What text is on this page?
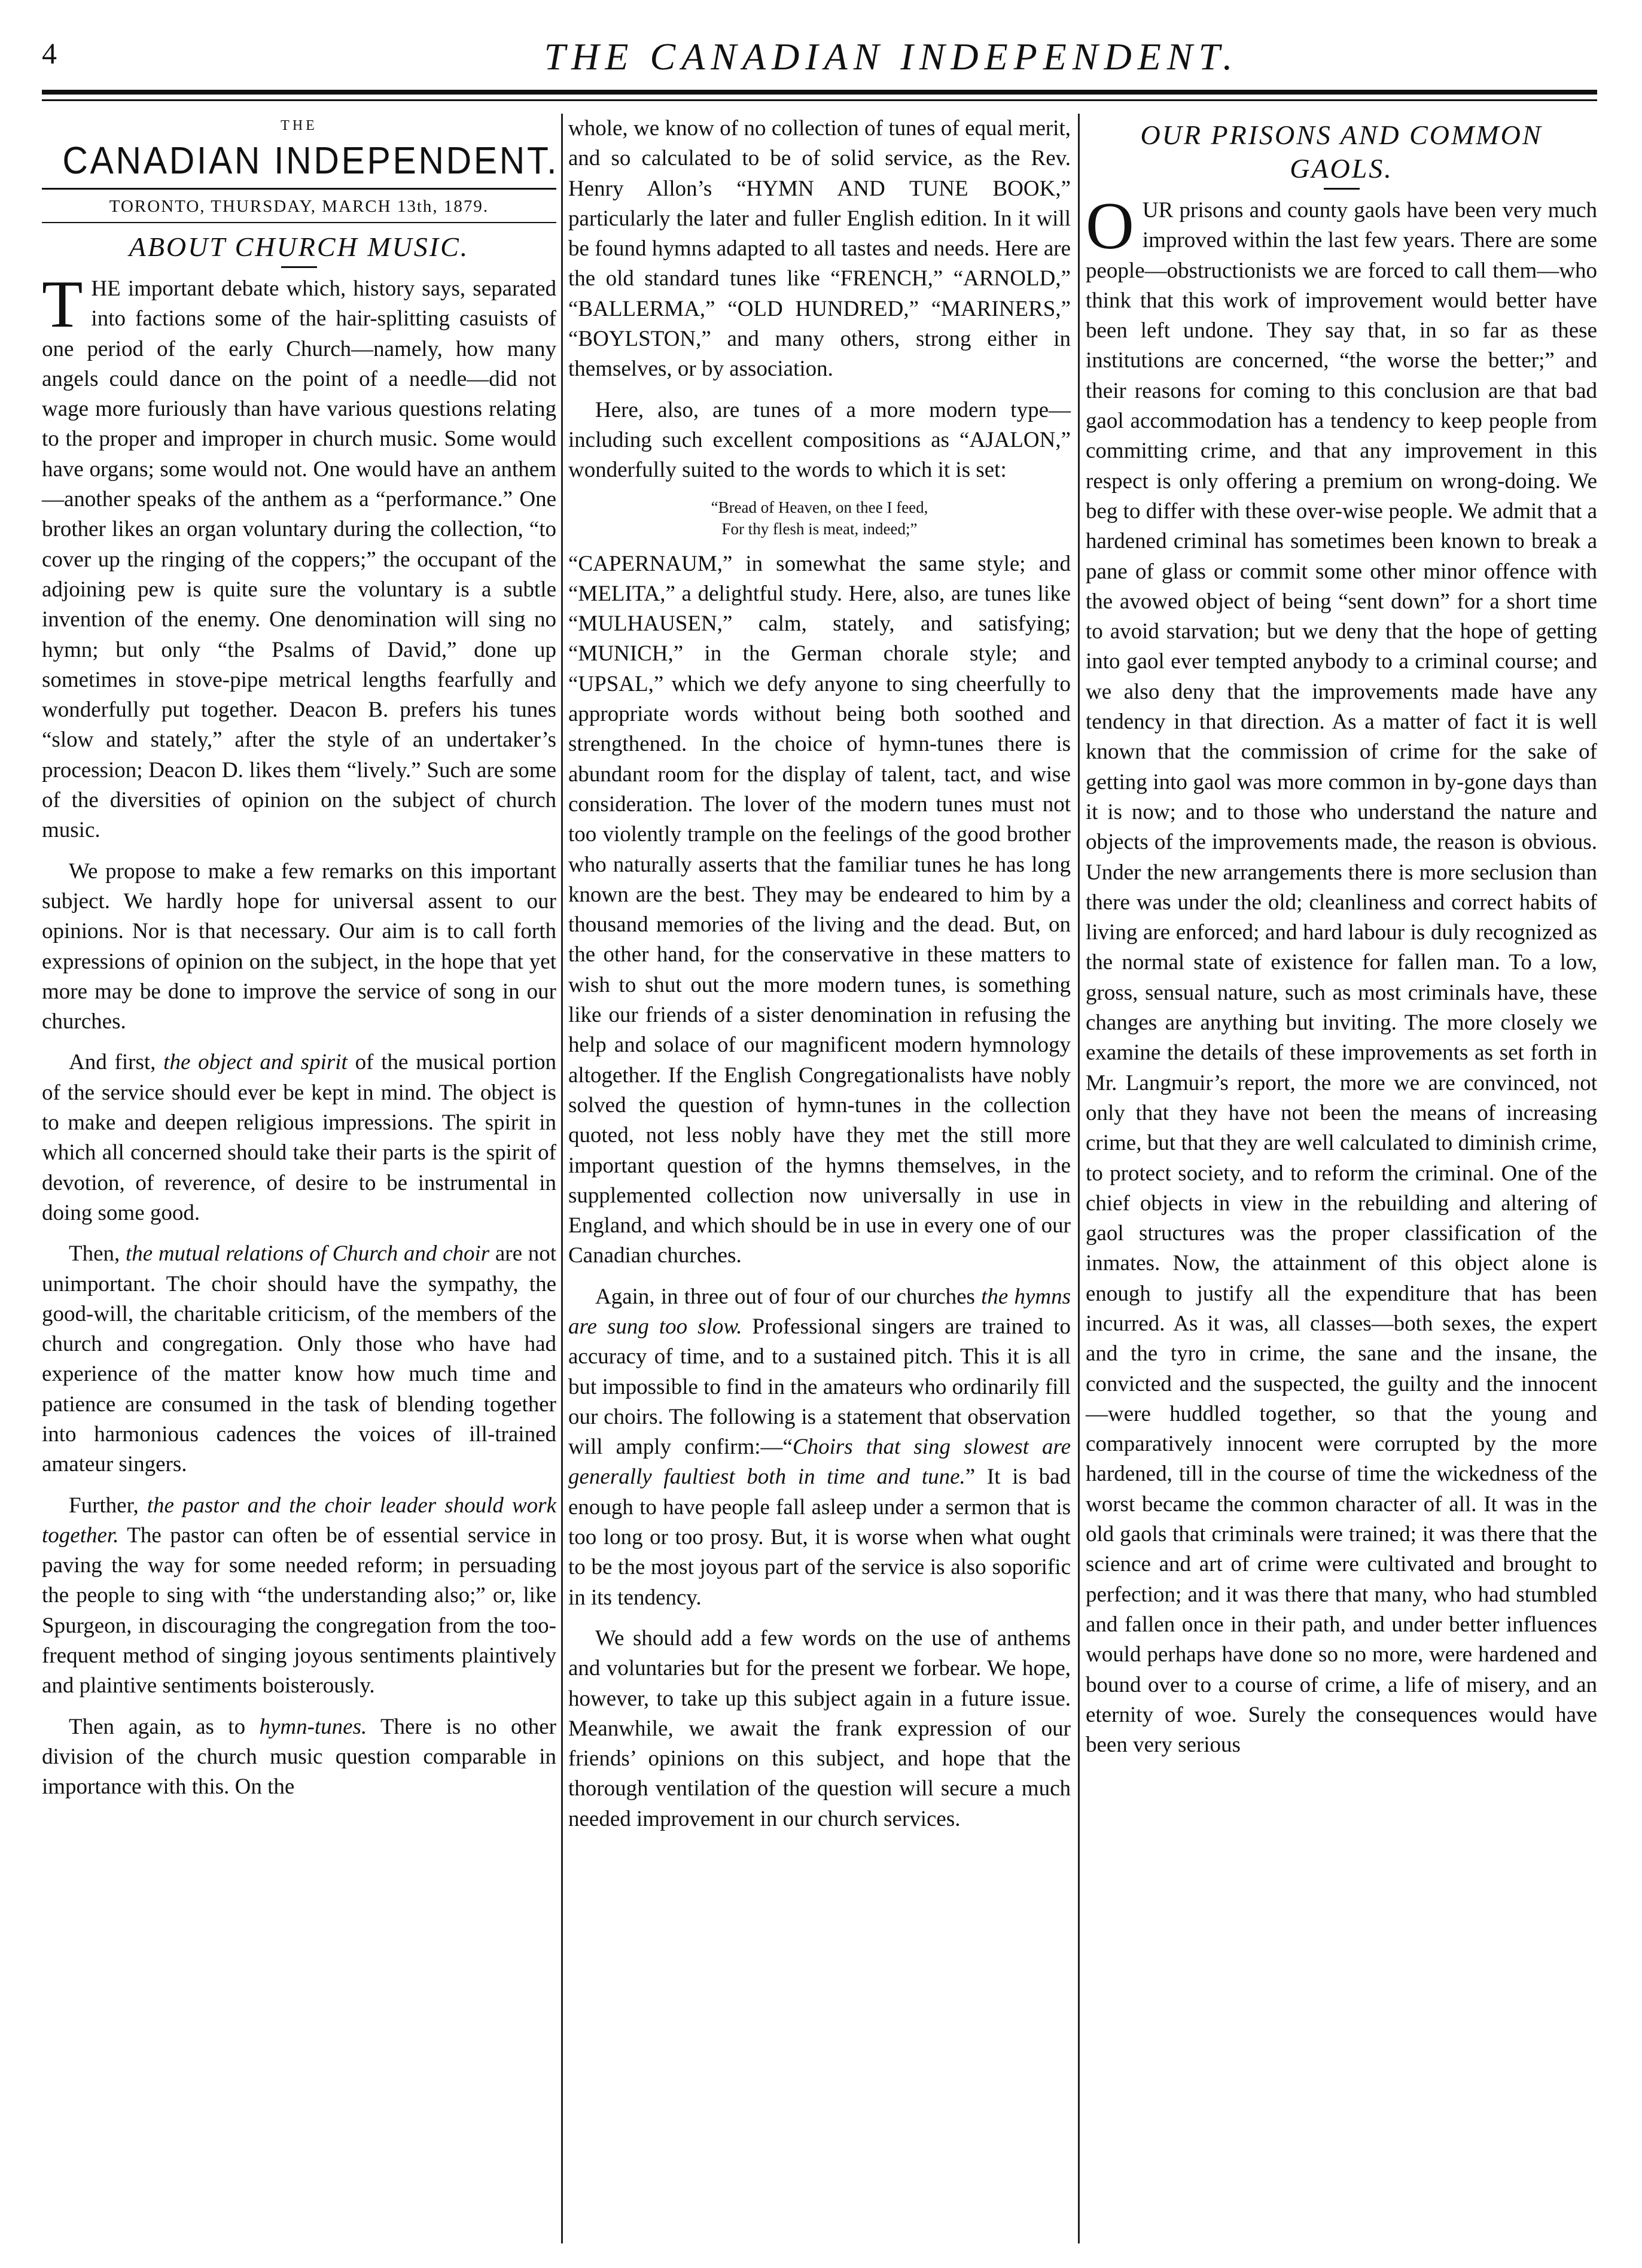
4	THE CANADIAN INDEPENDENT.
THE
CANADIAN INDEPENDENT.
TORONTO, THURSDAY, MARCH 13th, 1879.
ABOUT CHURCH MUSIC.

THE important debate which, history says, separated into factions some of the hair-splitting casuists of one period of the early Church—namely, how many angels could dance on the point of a needle—did not wage more furiously than have various questions relating to the proper and improper in church music. Some would have organs; some would not. One would have an anthem—another speaks of the anthem as a “performance.” One brother likes an organ voluntary during the collection, “to cover up the ringing of the coppers;” the occupant of the adjoining pew is quite sure the voluntary is a subtle invention of the enemy. One denomination will sing no hymn; but only “the Psalms of David,” done up sometimes in stove-pipe metrical lengths fearfully and wonderfully put together. Deacon B. prefers his tunes “slow and stately,” after the style of an undertaker’s procession; Deacon D. likes them “lively.” Such are some of the diversities of opinion on the subject of church music.

We propose to make a few remarks on this important subject. We hardly hope for universal assent to our opinions. Nor is that necessary. Our aim is to call forth expressions of opinion on the subject, in the hope that yet more may be done to improve the service of song in our churches.

And first, the object and spirit of the musical portion of the service should ever be kept in mind. The object is to make and deepen religious impressions. The spirit in which all concerned should take their parts is the spirit of devotion, of reverence, of desire to be instrumental in doing some good.

Then, the mutual relations of Church and choir are not unimportant. The choir should have the sympathy, the good-will, the charitable criticism, of the members of the church and congregation. Only those who have had experience of the matter know how much time and patience are consumed in the task of blending together into harmonious cadences the voices of ill-trained amateur singers.

Further, the pastor and the choir leader should work together. The pastor can often be of essential service in paving the way for some needed reform; in persuading the people to sing with “the understanding also;” or, like Spurgeon, in discouraging the congregation from the too-frequent method of singing joyous sentiments plaintively and plaintive sentiments boisterously.

Then again, as to hymn-tunes. There is no other division of the church music question comparable in importance with this. On the

whole, we know of no collection of tunes of equal merit, and so calculated to be of solid service, as the Rev. Henry Allon’s “HYMN AND TUNE BOOK,” particularly the later and fuller English edition. In it will be found hymns adapted to all tastes and needs. Here are the old standard tunes like “FRENCH,” “ARNOLD,” “BALLERMA,” “OLD HUNDRED,” “MARINERS,” “BOYLSTON,” and many others, strong either in themselves, or by association.

Here, also, are tunes of a more modern type—including such excellent compositions as “AJALON,” wonderfully suited to the words to which it is set:

“Bread of Heaven, on thee I feed,
For thy flesh is meat, indeed;”

“CAPERNAUM,” in somewhat the same style; and “MELITA,” a delightful study. Here, also, are tunes like “MULHAUSEN,” calm, stately, and satisfying; “MUNICH,” in the German chorale style; and “UPSAL,” which we defy anyone to sing cheerfully to appropriate words without being both soothed and strengthened. In the choice of hymn-tunes there is abundant room for the display of talent, tact, and wise consideration. The lover of the modern tunes must not too violently trample on the feelings of the good brother who naturally asserts that the familiar tunes he has long known are the best. They may be endeared to him by a thousand memories of the living and the dead. But, on the other hand, for the conservative in these matters to wish to shut out the more modern tunes, is something like our friends of a sister denomination in refusing the help and solace of our magnificent modern hymnology altogether. If the English Congregationalists have nobly solved the question of hymn-tunes in the collection quoted, not less nobly have they met the still more important question of the hymns themselves, in the supplemented collection now universally in use in England, and which should be in use in every one of our Canadian churches.

Again, in three out of four of our churches the hymns are sung too slow. Professional singers are trained to accuracy of time, and to a sustained pitch. This it is all but impossible to find in the amateurs who ordinarily fill our choirs. The following is a statement that observation will amply confirm:—“Choirs that sing slowest are generally faultiest both in time and tune.” It is bad enough to have people fall asleep under a sermon that is too long or too prosy. But, it is worse when what ought to be the most joyous part of the service is also soporific in its tendency.

We should add a few words on the use of anthems and voluntaries but for the present we forbear. We hope, however, to take up this subject again in a future issue. Meanwhile, we await the frank expression of our friends’ opinions on this subject, and hope that the thorough ventilation of the question will secure a much needed improvement in our church services.

OUR PRISONS AND COMMON
GAOLS.

OUR prisons and county gaols have been very much improved within the last few years. There are some people—obstructionists we are forced to call them—who think that this work of improvement would better have been left undone. They say that, in so far as these institutions are concerned, “the worse the better;” and their reasons for coming to this conclusion are that bad gaol accommodation has a tendency to keep people from committing crime, and that any improvement in this respect is only offering a premium on wrong-doing. We beg to differ with these over-wise people. We admit that a hardened criminal has sometimes been known to break a pane of glass or commit some other minor offence with the avowed object of being “sent down” for a short time to avoid starvation; but we deny that the hope of getting into gaol ever tempted anybody to a criminal course; and we also deny that the improvements made have any tendency in that direction. As a matter of fact it is well known that the commission of crime for the sake of getting into gaol was more common in by-gone days than it is now; and to those who understand the nature and objects of the improvements made, the reason is obvious. Under the new arrangements there is more seclusion than there was under the old; cleanliness and correct habits of living are enforced; and hard labour is duly recognized as the normal state of existence for fallen man. To a low, gross, sensual nature, such as most criminals have, these changes are anything but inviting. The more closely we examine the details of these improvements as set forth in Mr. Langmuir’s report, the more we are convinced, not only that they have not been the means of increasing crime, but that they are well calculated to diminish crime, to protect society, and to reform the criminal. One of the chief objects in view in the rebuilding and altering of gaol structures was the proper classification of the inmates. Now, the attainment of this object alone is enough to justify all the expenditure that has been incurred. As it was, all classes—both sexes, the expert and the tyro in crime, the sane and the insane, the convicted and the suspected, the guilty and the innocent—were huddled together, so that the young and comparatively innocent were corrupted by the more hardened, till in the course of time the wickedness of the worst became the common character of all. It was in the old gaols that criminals were trained; it was there that the science and art of crime were cultivated and brought to perfection; and it was there that many, who had stumbled and fallen once in their path, and under better influences would perhaps have done so no more, were hardened and bound over to a course of crime, a life of misery, and an eternity of woe. Surely the consequences would have been very serious
